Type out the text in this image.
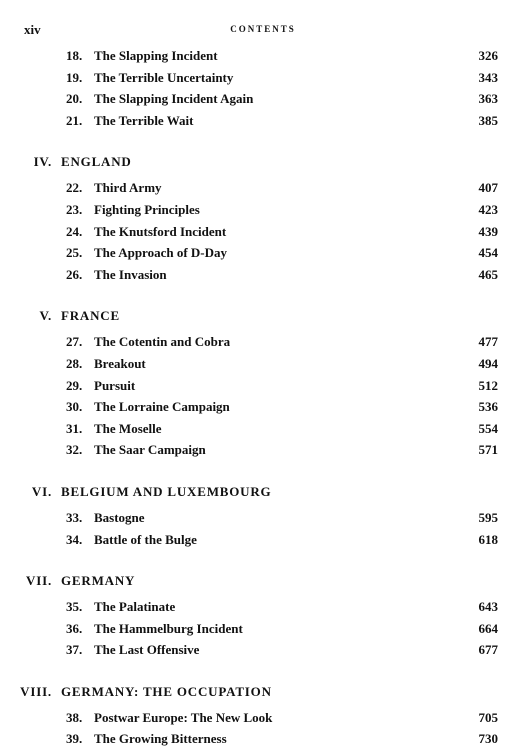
xiv	CONTENTS
18. The Slapping Incident	326
19. The Terrible Uncertainty	343
20. The Slapping Incident Again	363
21. The Terrible Wait	385
IV. ENGLAND
22. Third Army	407
23. Fighting Principles	423
24. The Knutsford Incident	439
25. The Approach of D-Day	454
26. The Invasion	465
V. FRANCE
27. The Cotentin and Cobra	477
28. Breakout	494
29. Pursuit	512
30. The Lorraine Campaign	536
31. The Moselle	554
32. The Saar Campaign	571
VI. BELGIUM AND LUXEMBOURG
33. Bastogne	595
34. Battle of the Bulge	618
VII. GERMANY
35. The Palatinate	643
36. The Hammelburg Incident	664
37. The Last Offensive	677
VIII. GERMANY: THE OCCUPATION
38. Postwar Europe: The New Look	705
39. The Growing Bitterness	730
